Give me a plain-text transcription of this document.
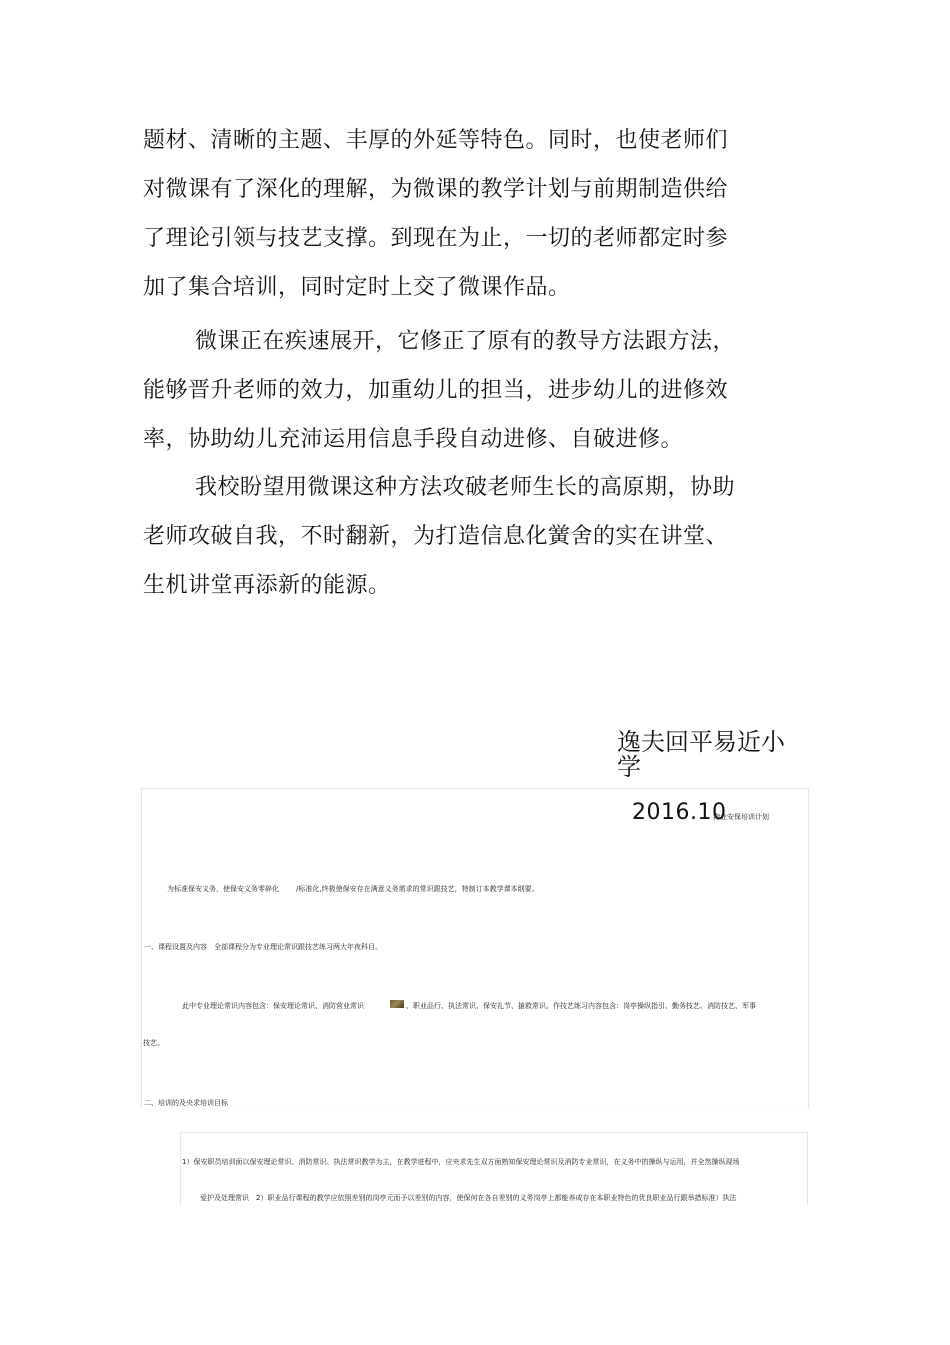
题材、清晰的主题、丰厚的外延等特色。同时，也使老师们
对微课有了深化的理解，为微课的教学计划与前期制造供给
了理论引领与技艺支撑。到现在为止，一切的老师都定时参
加了集合培训，同时定时上交了微课作品。
微课正在疾速展开，它修正了原有的教导方法跟方法，
能够晋升老师的效力，加重幼儿的担当，进步幼儿的进修效
率，协助幼儿充沛运用信息手段自动进修、自破进修。
我校盼望用微课这种方法攻破老师生长的高原期，协助
老师攻破自我，不时翻新，为打造信息化黉舍的实在讲堂、
生机讲堂再添新的能源。
逸夫回平易近小学
2016.10
物业安保培训计划
为标准保安义务，使保安义务零碎化 /标准化,终极使保安存在满意义务需求的常识跟技艺，特制订本教学课本纲要。
一、课程设置及内容　全部课程分为专业理论常识跟技艺练习两大年夜科目。
此中专业理论常识内容包含：保安理论常识、消防营业常识	、职业品行、执法常识、保安礼节、搶救常识。作技艺练习内容包含：岗亭操纵指引、勤务技艺、消防技艺、军事
技艺。
二、培训的及央求培训目标
1）保安职员培训面以保安理论常识、消防常识、执法常识教学为主，在教学进程中，应央求先生双方面熟知保安理论常识及消防专业常识，在义务中的操纵与运用，并全然操纵现场
爱护及处理常识　2）职业品行课程的教学应依照差别的岗亭元而予以差别的内容，使保何在各自差别的义务岗亭上都能养成存在本职业特色的优良职业品行跟举措标准）执法
